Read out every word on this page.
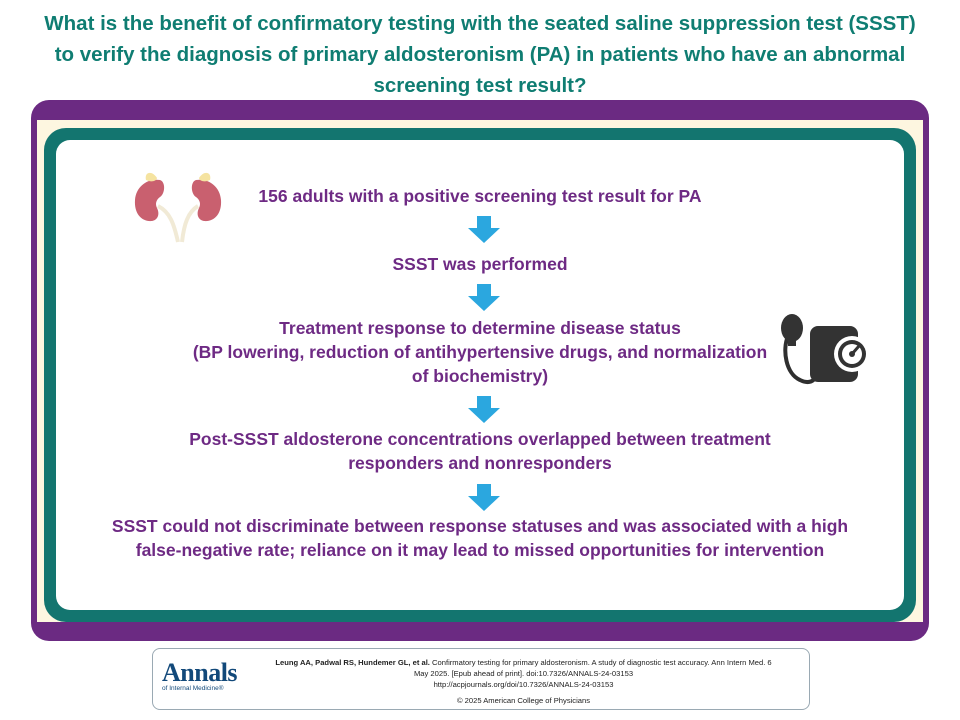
What is the benefit of confirmatory testing with the seated saline suppression test (SSST)
to verify the diagnosis of primary aldosteronism (PA) in patients who have an abnormal
screening test result?
156 adults with a positive screening test result for PA
SSST was performed
Treatment response to determine disease status
(BP lowering, reduction of antihypertensive drugs, and normalization
of biochemistry)
Post-SSST aldosterone concentrations overlapped between treatment
responders and nonresponders
SSST could not discriminate between response statuses and was associated with a high
false-negative rate; reliance on it may lead to missed opportunities for intervention
Annals
of Internal Medicine®
Leung AA, Padwal RS, Hundemer GL, et al. Confirmatory testing for primary aldosteronism. A study of diagnostic test accuracy. Ann Intern Med. 6
May 2025. [Epub ahead of print]. doi:10.7326/ANNALS-24-03153
http://acpjournals.org/doi/10.7326/ANNALS-24-03153
© 2025 American College of Physicians
